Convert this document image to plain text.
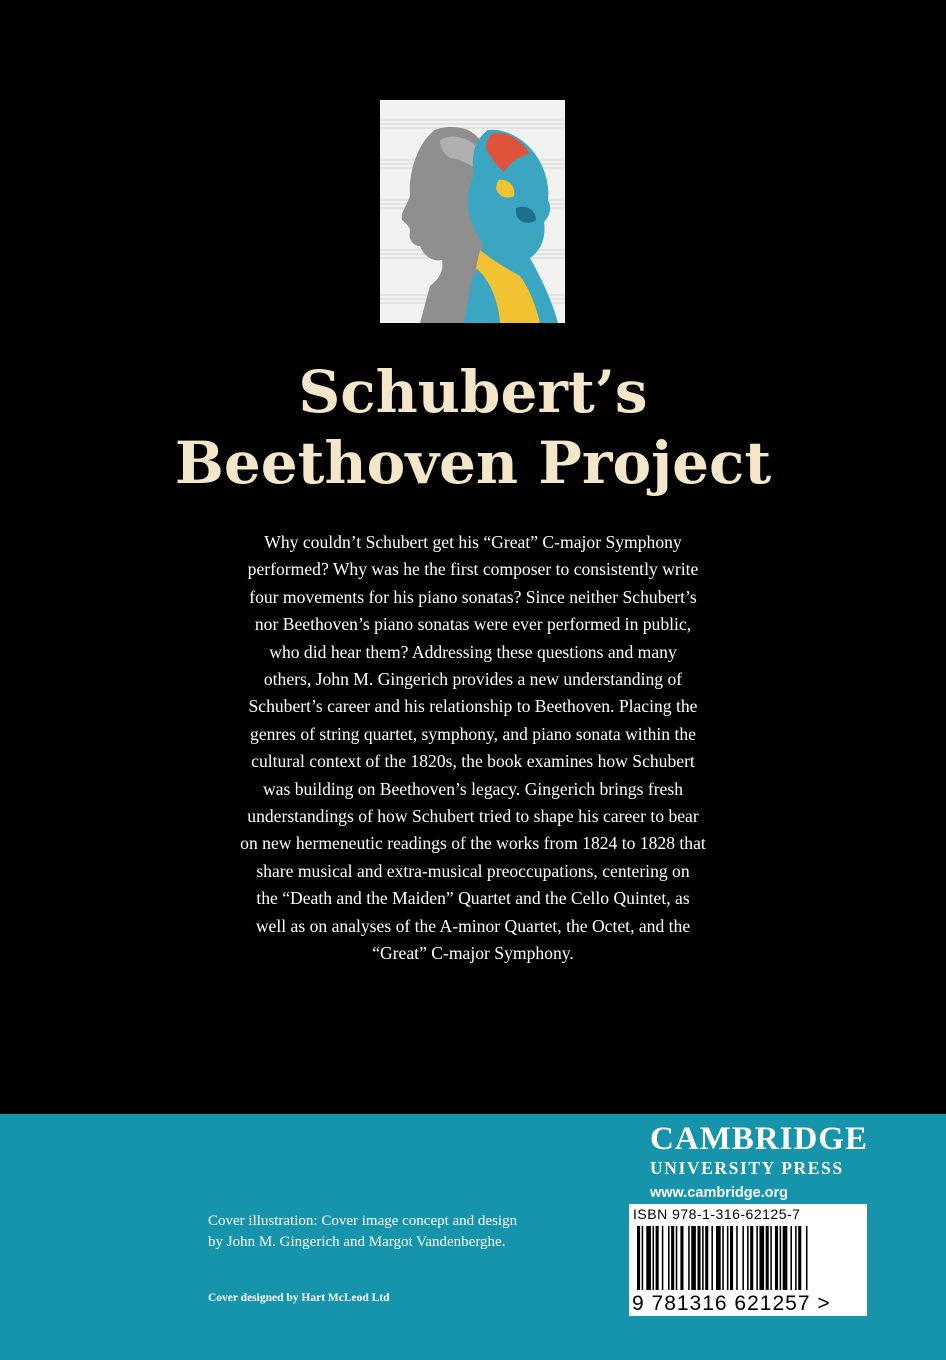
Schubert’s
Beethoven Project
Why couldn’t Schubert get his “Great” C-major Symphony
performed? Why was he the first composer to consistently write
four movements for his piano sonatas? Since neither Schubert’s
nor Beethoven’s piano sonatas were ever performed in public,
who did hear them? Addressing these questions and many
others, John M. Gingerich provides a new understanding of
Schubert’s career and his relationship to Beethoven. Placing the
genres of string quartet, symphony, and piano sonata within the
cultural context of the 1820s, the book examines how Schubert
was building on Beethoven’s legacy. Gingerich brings fresh
understandings of how Schubert tried to shape his career to bear
on new hermeneutic readings of the works from 1824 to 1828 that
share musical and extra-musical preoccupations, centering on
the “Death and the Maiden” Quartet and the Cello Quintet, as
well as on analyses of the A-minor Quartet, the Octet, and the
“Great” C-major Symphony.
CAMBRIDGE
UNIVERSITY PRESS
www.cambridge.org
Cover illustration: Cover image concept and design
by John M. Gingerich and Margot Vandenberghe.
Cover designed by Hart McLeod Ltd
ISBN 978-1-316-62125-7
9 781316 621257 >
